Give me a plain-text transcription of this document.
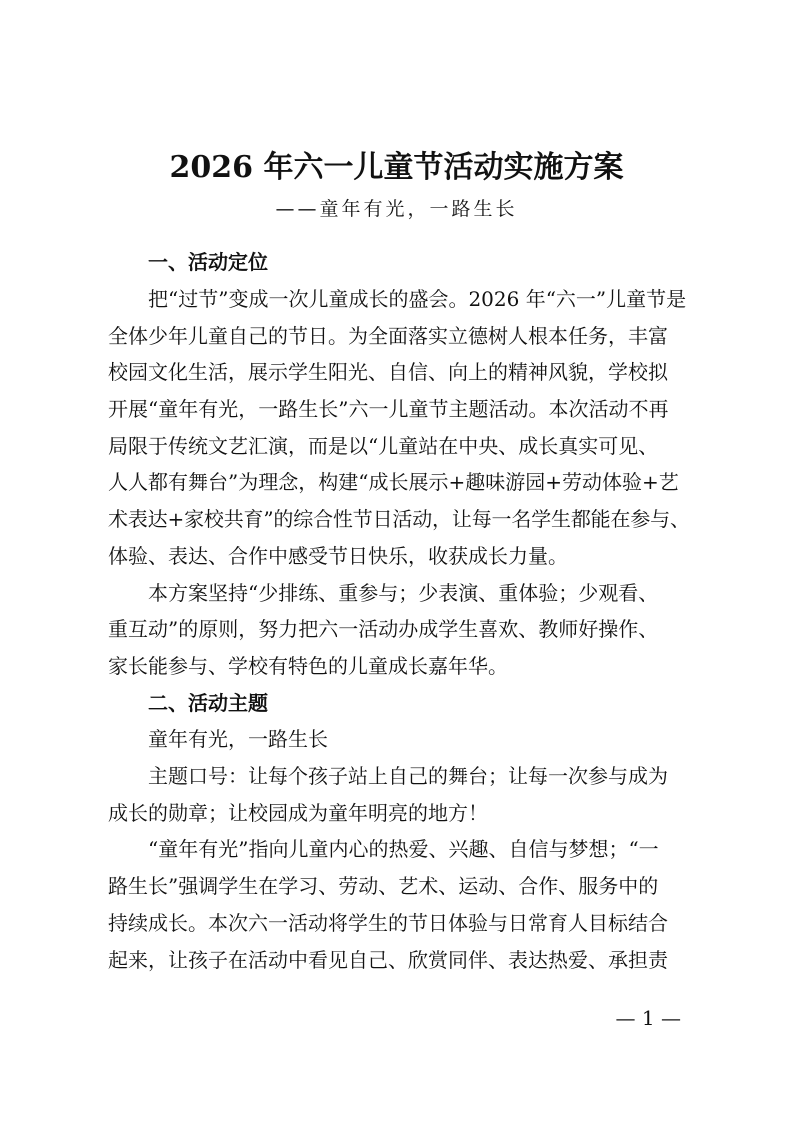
2026 年六一儿童节活动实施方案
——童年有光，一路生长
一、活动定位
把“过节”变成一次儿童成长的盛会。2026 年“六一”儿童节是
全体少年儿童自己的节日。为全面落实立德树人根本任务，丰富
校园文化生活，展示学生阳光、自信、向上的精神风貌，学校拟
开展“童年有光，一路生长”六一儿童节主题活动。本次活动不再
局限于传统文艺汇演，而是以“儿童站在中央、成长真实可见、
人人都有舞台”为理念，构建“成长展示+趣味游园+劳动体验+艺
术表达+家校共育”的综合性节日活动，让每一名学生都能在参与、
体验、表达、合作中感受节日快乐，收获成长力量。
本方案坚持“少排练、重参与；少表演、重体验；少观看、
重互动”的原则，努力把六一活动办成学生喜欢、教师好操作、
家长能参与、学校有特色的儿童成长嘉年华。
二、活动主题
童年有光，一路生长
主题口号：让每个孩子站上自己的舞台；让每一次参与成为
成长的勋章；让校园成为童年明亮的地方！
“童年有光”指向儿童内心的热爱、兴趣、自信与梦想；“一
路生长”强调学生在学习、劳动、艺术、运动、合作、服务中的
持续成长。本次六一活动将学生的节日体验与日常育人目标结合
起来，让孩子在活动中看见自己、欣赏同伴、表达热爱、承担责
— 1 —
